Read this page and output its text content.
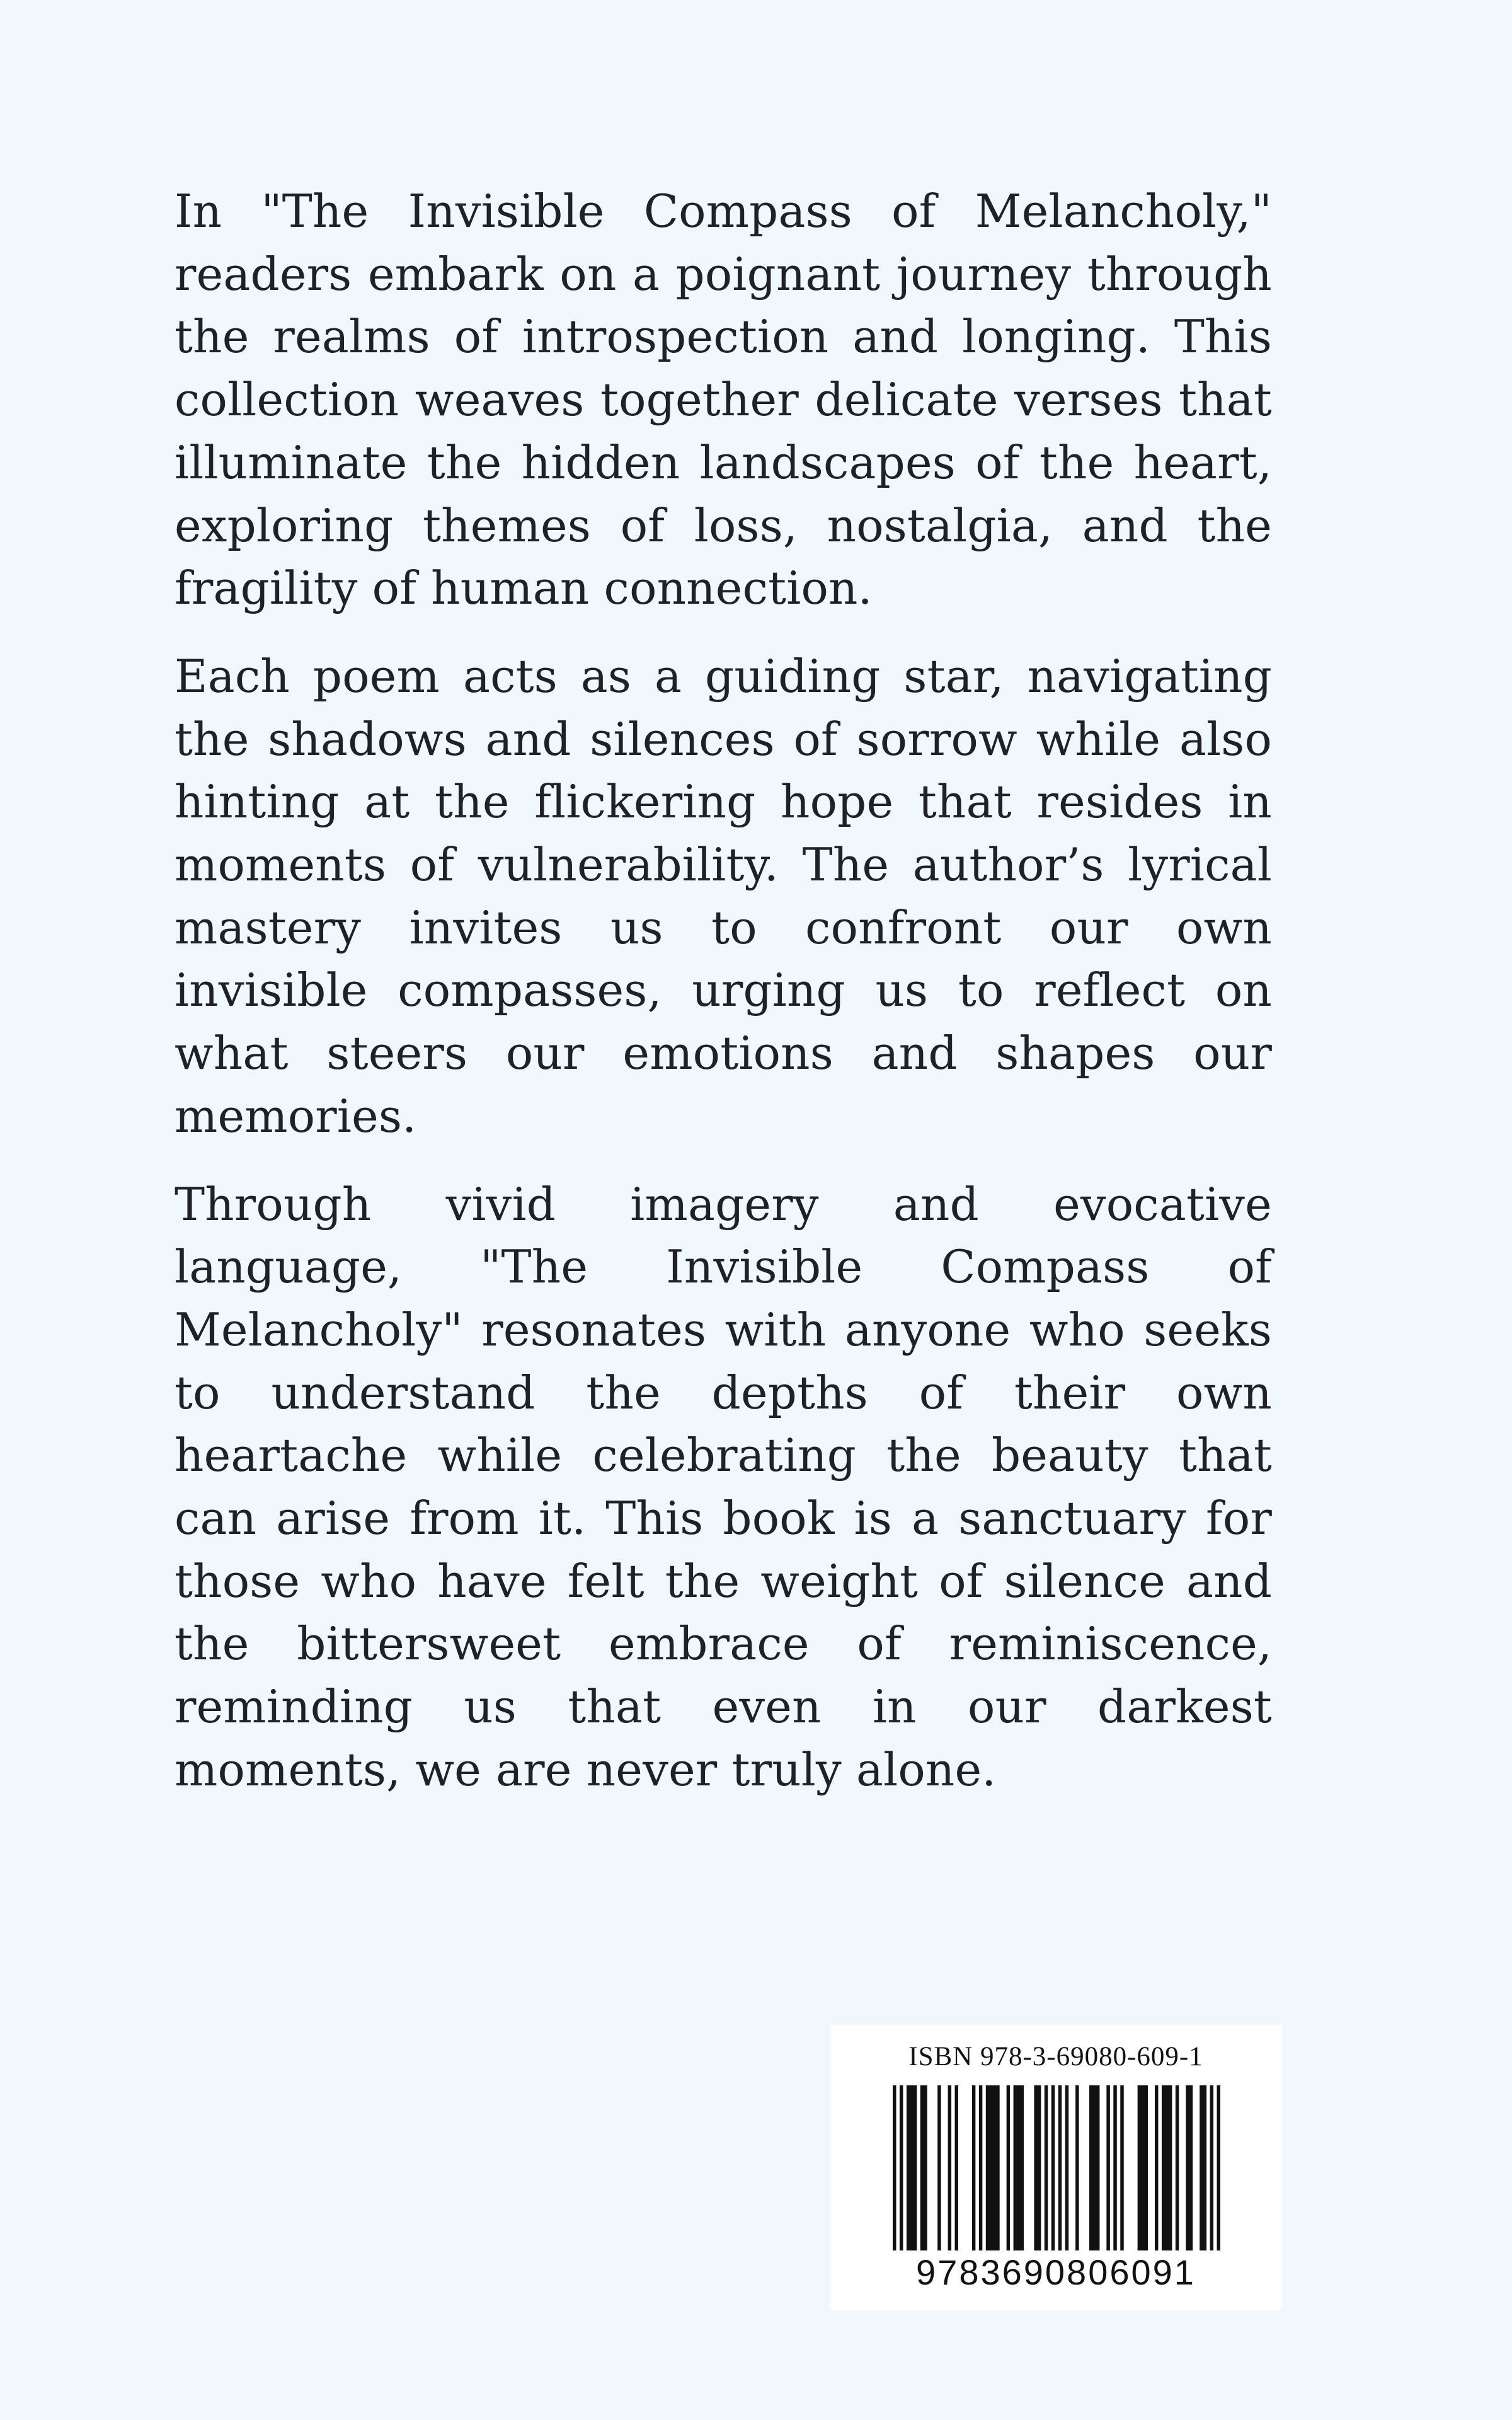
In "The Invisible Compass of Melancholy," readers embark on a poignant journey through the realms of introspection and longing. This collection weaves together delicate verses that illuminate the hidden landscapes of the heart, exploring themes of loss, nostalgia, and the fragility of human connection.

Each poem acts as a guiding star, navigating the shadows and silences of sorrow while also hinting at the flickering hope that resides in moments of vulnerability. The author’s lyrical mastery invites us to confront our own invisible compasses, urging us to reflect on what steers our emotions and shapes our memories.

Through vivid imagery and evocative language, "The Invisible Compass of Melancholy" resonates with anyone who seeks to understand the depths of their own heartache while celebrating the beauty that can arise from it. This book is a sanctuary for those who have felt the weight of silence and the bittersweet embrace of reminiscence, reminding us that even in our darkest moments, we are never truly alone.

ISBN 978-3-69080-609-1
9783690806091
